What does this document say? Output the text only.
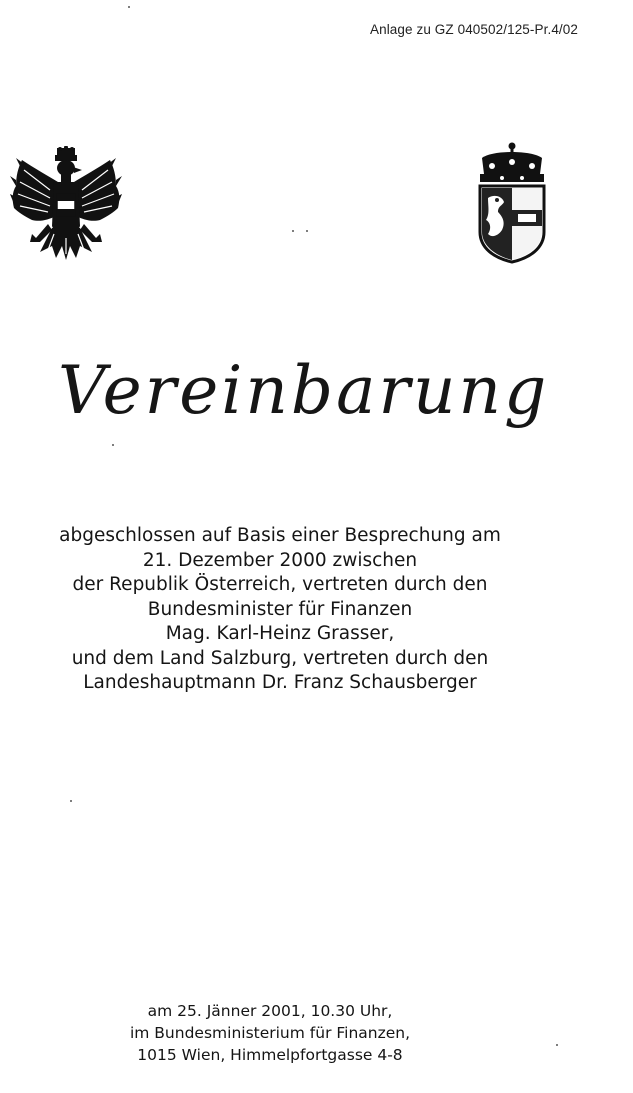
Anlage zu GZ 040502/125-Pr.4/02
Vereinbarung
abgeschlossen auf Basis einer Besprechung am
21. Dezember 2000 zwischen
der Republik Österreich, vertreten durch den
Bundesminister für Finanzen
Mag. Karl-Heinz Grasser,
und dem Land Salzburg, vertreten durch den
Landeshauptmann Dr. Franz Schausberger
am 25. Jänner 2001, 10.30 Uhr,
im Bundesministerium für Finanzen,
1015 Wien, Himmelpfortgasse 4-8
